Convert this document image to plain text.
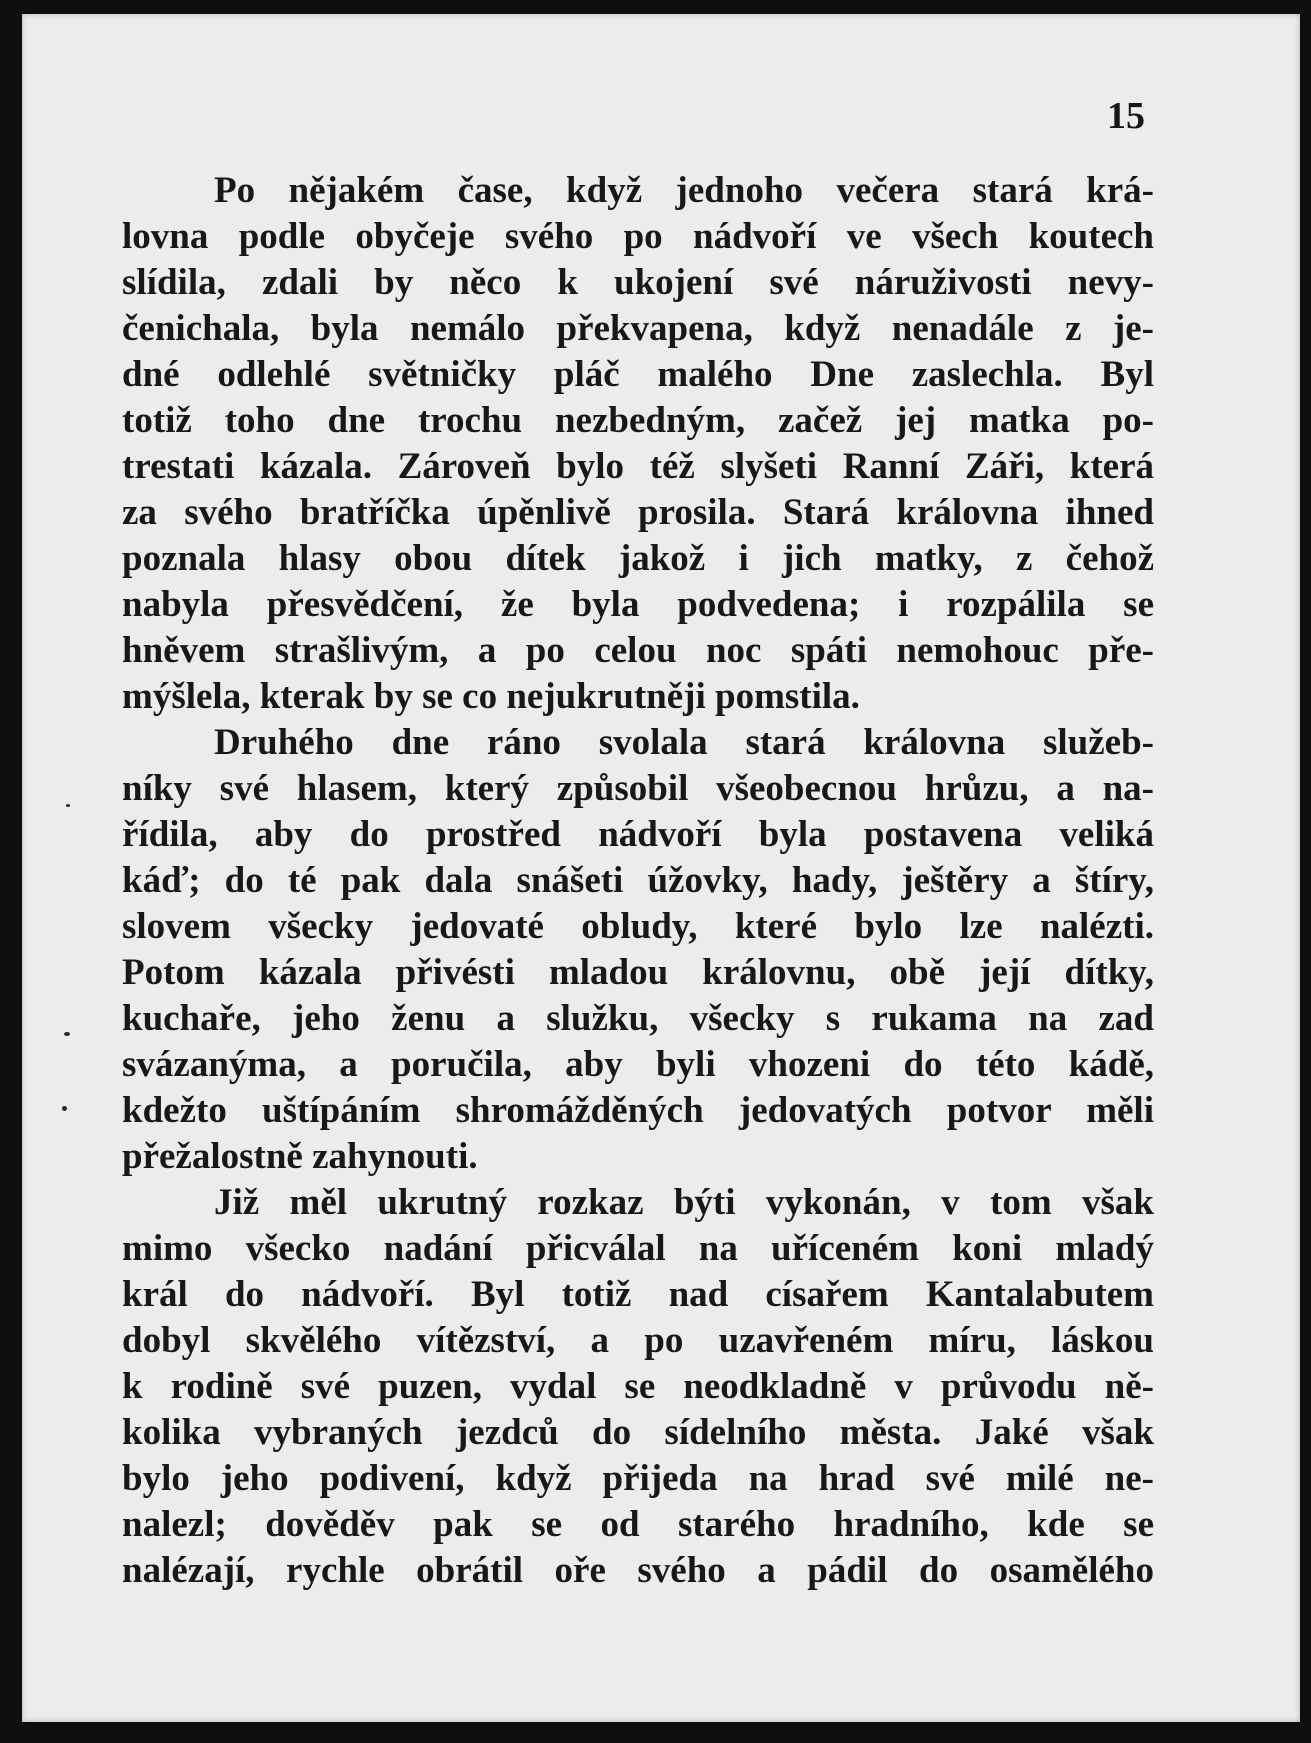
15
Po nějakém čase, když jednoho večera stará krá-
lovna podle obyčeje svého po nádvoří ve všech koutech
slídila, zdali by něco k ukojení své náruživosti nevy-
čenichala, byla nemálo překvapena, když nenadále z je-
dné odlehlé světničky pláč malého Dne zaslechla. Byl
totiž toho dne trochu nezbedným, začež jej matka po-
trestati kázala. Zároveň bylo též slyšeti Ranní Záři, která
za svého bratříčka úpěnlivě prosila. Stará královna ihned
poznala hlasy obou dítek jakož i jich matky, z čehož
nabyla přesvědčení, že byla podvedena; i rozpálila se
hněvem strašlivým, a po celou noc spáti nemohouc pře-
mýšlela, kterak by se co nejukrutněji pomstila.
Druhého dne ráno svolala stará královna služeb-
níky své hlasem, který způsobil všeobecnou hrůzu, a na-
řídila, aby do prostřed nádvoří byla postavena veliká
káď; do té pak dala snášeti úžovky, hady, ještěry a štíry,
slovem všecky jedovaté obludy, které bylo lze nalézti.
Potom kázala přivésti mladou královnu, obě její dítky,
kuchaře, jeho ženu a služku, všecky s rukama na zad
svázanýma, a poručila, aby byli vhozeni do této kádě,
kdežto uštípáním shromážděných jedovatých potvor měli
přežalostně zahynouti.
Již měl ukrutný rozkaz býti vykonán, v tom však
mimo všecko nadání přicválal na uříceném koni mladý
král do nádvoří. Byl totiž nad císařem Kantalabutem
dobyl skvělého vítězství, a po uzavřeném míru, láskou
k rodině své puzen, vydal se neodkladně v průvodu ně-
kolika vybraných jezdců do sídelního města. Jaké však
bylo jeho podivení, když přijeda na hrad své milé ne-
nalezl; dověděv pak se od starého hradního, kde se
nalézají, rychle obrátil oře svého a pádil do osamělého
